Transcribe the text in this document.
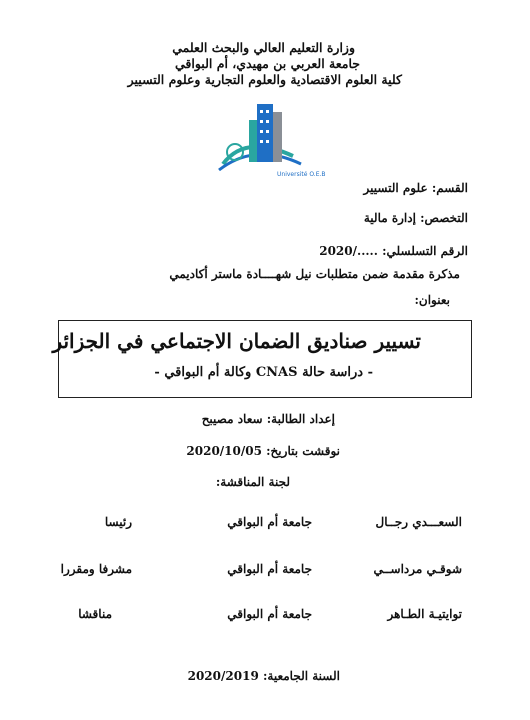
وزارة التعليم العالي والبحث العلمي
جامعة العربي بن مهيدي، أم البواقي
كلية العلوم الاقتصادية والعلوم التجارية وعلوم التسيير
Université O.E.B
القسم: علوم التسيير
التخصص: إدارة مالية
الرقم التسلسلي: ...../2020
مذكرة مقدمة ضمن متطلبات نيل شهــــادة ماستر أكاديمي
بعنوان:
تسيير صناديق الضمان الاجتماعي في الجزائر
- دراسة حالة CNAS وكالة أم البواقي -
إعداد الطالبة: سعاد مصيبح
نوقشت بتاريخ: 2020/10/05
لجنة المناقشة:
السعـــدي رجــال
جامعة أم البواقي
رئيسا
شوقـي مرداســي
جامعة أم البواقي
مشرفا ومقررا
توايتيـة الطـاهر
جامعة أم البواقي
مناقشا
السنة الجامعية: 2020/2019
